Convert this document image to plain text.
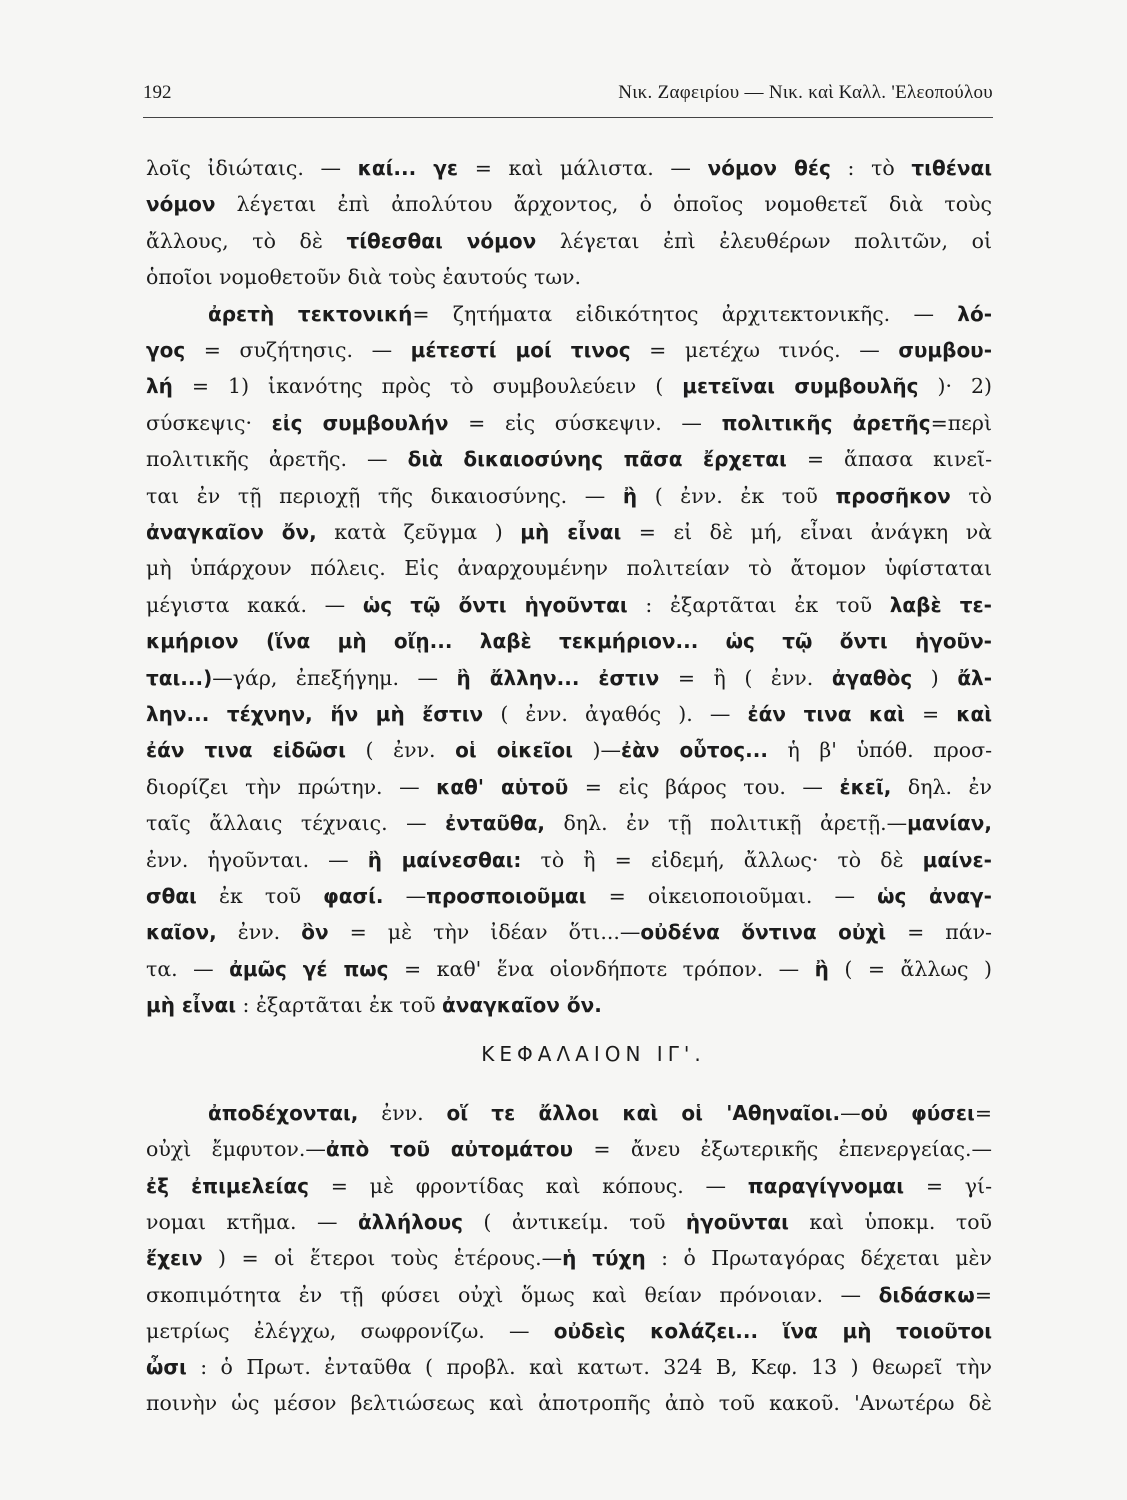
192	Νικ. Ζαφειρίου — Νικ. καὶ Καλλ. 'Ελεοπούλου
λοῖς ἰδιώταις. — καί... γε = καὶ μάλιστα. — νόμον θές : τὸ τιθέναι
νόμον λέγεται ἐπὶ ἀπολύτου ἄρχοντος, ὁ ὁποῖος νομοθετεῖ διὰ τοὺς
ἄλλους, τὸ δὲ τίθεσθαι νόμον λέγεται ἐπὶ ἐλευθέρων πολιτῶν, οἱ
ὁποῖοι νομοθετοῦν διὰ τοὺς ἑαυτούς των.
ἀρετὴ τεκτονική= ζητήματα εἰδικότητος ἀρχιτεκτονικῆς. — λό-
γος = συζήτησις. — μέτεστί μοί τινος = μετέχω τινός. — συμβου-
λή = 1) ἱκανότης πρὸς τὸ συμβουλεύειν ( μετεῖναι συμβουλῆς )· 2)
σύσκεψις· εἰς συμβουλήν = εἰς σύσκεψιν. — πολιτικῆς ἀρετῆς=περὶ
πολιτικῆς ἀρετῆς. — διὰ δικαιοσύνης πᾶσα ἔρχεται = ἅπασα κινεῖ-
ται ἐν τῇ περιοχῇ τῆς δικαιοσύνης. — ἢ ( ἐνν. ἐκ τοῦ προσῆκον τὸ
ἀναγκαῖον ὄν, κατὰ ζεῦγμα ) μὴ εἶναι = εἰ δὲ μή, εἶναι ἀνάγκη νὰ
μὴ ὑπάρχουν πόλεις. Εἰς ἀναρχουμένην πολιτείαν τὸ ἄτομον ὑφίσταται
μέγιστα κακά. — ὡς τῷ ὄντι ἡγοῦνται : ἐξαρτᾶται ἐκ τοῦ λαβὲ τε-
κμήριον (ἵνα μὴ οἴῃ... λαβὲ τεκμήριον... ὡς τῷ ὄντι ἡγοῦν-
ται...)—γάρ, ἐπεξήγημ. — ἢ ἄλλην... ἐστιν = ἢ ( ἐνν. ἀγαθὸς ) ἄλ-
λην... τέχνην, ἥν μὴ ἔστιν ( ἐνν. ἀγαθός ). — ἐάν τινα καὶ = καὶ
ἐάν τινα εἰδῶσι ( ἐνν. οἱ οἰκεῖοι )—ἐὰν οὗτος... ἡ β' ὑπόθ. προσ-
διορίζει τὴν πρώτην. — καθ' αὑτοῦ = εἰς βάρος του. — ἐκεῖ, δηλ. ἐν
ταῖς ἄλλαις τέχναις. — ἐνταῦθα, δηλ. ἐν τῇ πολιτικῇ ἀρετῇ.—μανίαν,
ἐνν. ἡγοῦνται. — ἢ μαίνεσθαι: τὸ ἢ = εἰδεμή, ἄλλως· τὸ δὲ μαίνε-
σθαι ἐκ τοῦ φασί. —προσποιοῦμαι = οἰκειοποιοῦμαι. — ὡς ἀναγ-
καῖον, ἐνν. ὂν = μὲ τὴν ἰδέαν ὅτι...—οὐδένα ὅντινα οὐχὶ = πάν-
τα. — ἀμῶς γέ πως = καθ' ἕνα οἱονδήποτε τρόπον. — ἢ ( = ἄλλως )
μὴ εἶναι : ἐξαρτᾶται ἐκ τοῦ ἀναγκαῖον ὄν.
ἀποδέχονται, ἐνν. οἵ τε ἄλλοι καὶ οἱ 'Αθηναῖοι.—οὐ φύσει=
οὐχὶ ἔμφυτον.—ἀπὸ τοῦ αὐτομάτου = ἄνευ ἐξωτερικῆς ἐπενεργείας.—
ἐξ ἐπιμελείας = μὲ φροντίδας καὶ κόπους. — παραγίγνομαι = γί-
νομαι κτῆμα. — ἀλλήλους ( ἀντικείμ. τοῦ ἡγοῦνται καὶ ὑποκμ. τοῦ
ἔχειν ) = οἱ ἕτεροι τοὺς ἑτέρους.—ἡ τύχη : ὁ Πρωταγόρας δέχεται μὲν
σκοπιμότητα ἐν τῇ φύσει οὐχὶ ὅμως καὶ θείαν πρόνοιαν. — διδάσκω=
μετρίως ἐλέγχω, σωφρονίζω. — οὐδεὶς κολάζει... ἵνα μὴ τοιοῦτοι
ὦσι : ὁ Πρωτ. ἐνταῦθα ( προβλ. καὶ κατωτ. 324 Β, Κεφ. 13 ) θεωρεῖ τὴν
ποινὴν ὡς μέσον βελτιώσεως καὶ ἀποτροπῆς ἀπὸ τοῦ κακοῦ. 'Ανωτέρω δὲ
ΚΕΦΑΛΑΙΟΝ ΙΓ'.
